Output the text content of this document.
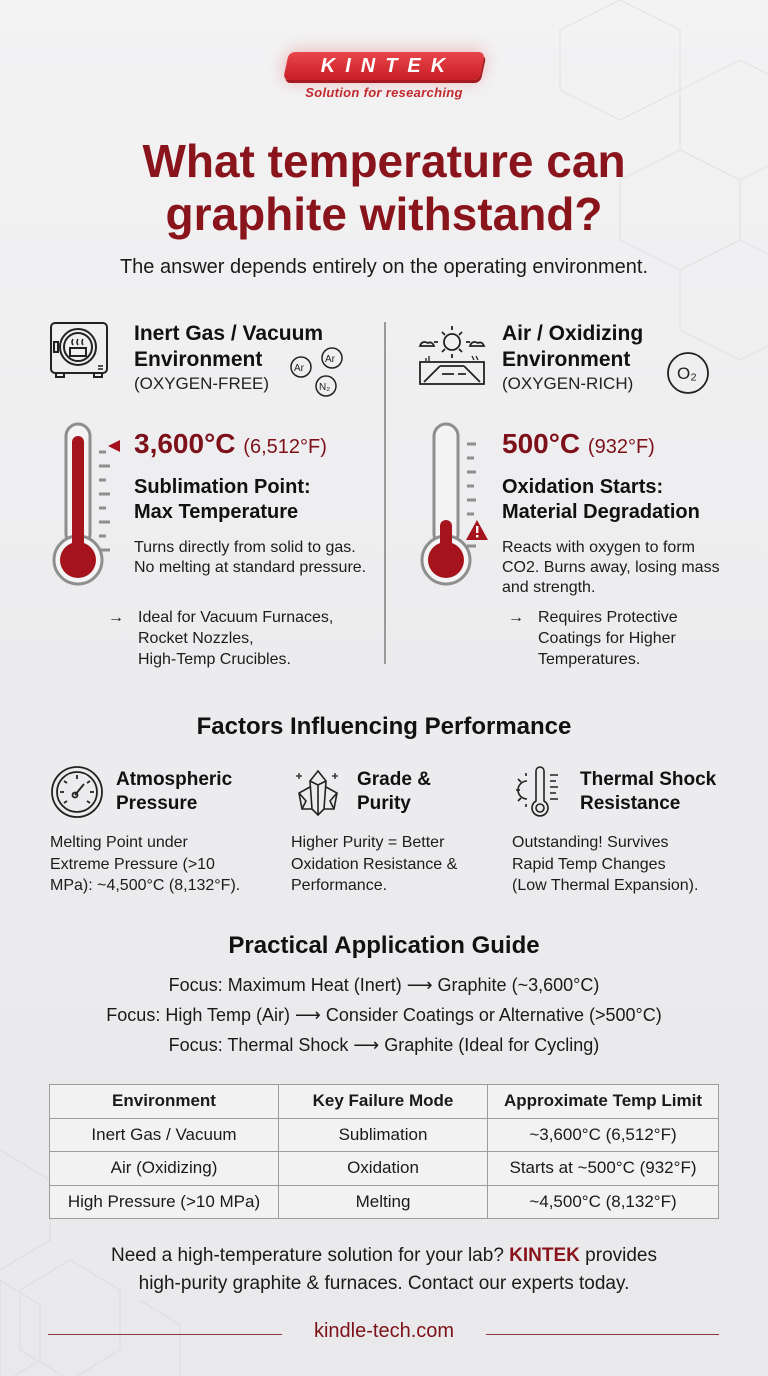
KINTEK
Solution for researching
What temperature can
graphite withstand?
The answer depends entirely on the operating environment.
Inert Gas / Vacuum
Environment
(OXYGEN-FREE)
Ar
Ar
N₂
3,600°C (6,512°F)
Sublimation Point:
Max Temperature
Turns directly from solid to gas.
No melting at standard pressure.
→ Ideal for Vacuum Furnaces,
Rocket Nozzles,
High-Temp Crucibles.
Air / Oxidizing
Environment
(OXYGEN-RICH)
O₂
500°C (932°F)
Oxidation Starts:
Material Degradation
Reacts with oxygen to form
CO2. Burns away, losing mass
and strength.
→ Requires Protective
Coatings for Higher
Temperatures.
Factors Influencing Performance
Atmospheric
Pressure
Melting Point under
Extreme Pressure (>10
MPa): ~4,500°C (8,132°F).
Grade &
Purity
Higher Purity = Better
Oxidation Resistance &
Performance.
Thermal Shock
Resistance
Outstanding! Survives
Rapid Temp Changes
(Low Thermal Expansion).
Practical Application Guide
Focus: Maximum Heat (Inert) ⟶ Graphite (~3,600°C)
Focus: High Temp (Air) ⟶ Consider Coatings or Alternative (>500°C)
Focus: Thermal Shock ⟶ Graphite (Ideal for Cycling)
Environment	Key Failure Mode	Approximate Temp Limit
Inert Gas / Vacuum	Sublimation	~3,600°C (6,512°F)
Air (Oxidizing)	Oxidation	Starts at ~500°C (932°F)
High Pressure (>10 MPa)	Melting	~4,500°C (8,132°F)
Need a high-temperature solution for your lab? KINTEK provides
high-purity graphite & furnaces. Contact our experts today.
kindle-tech.com
